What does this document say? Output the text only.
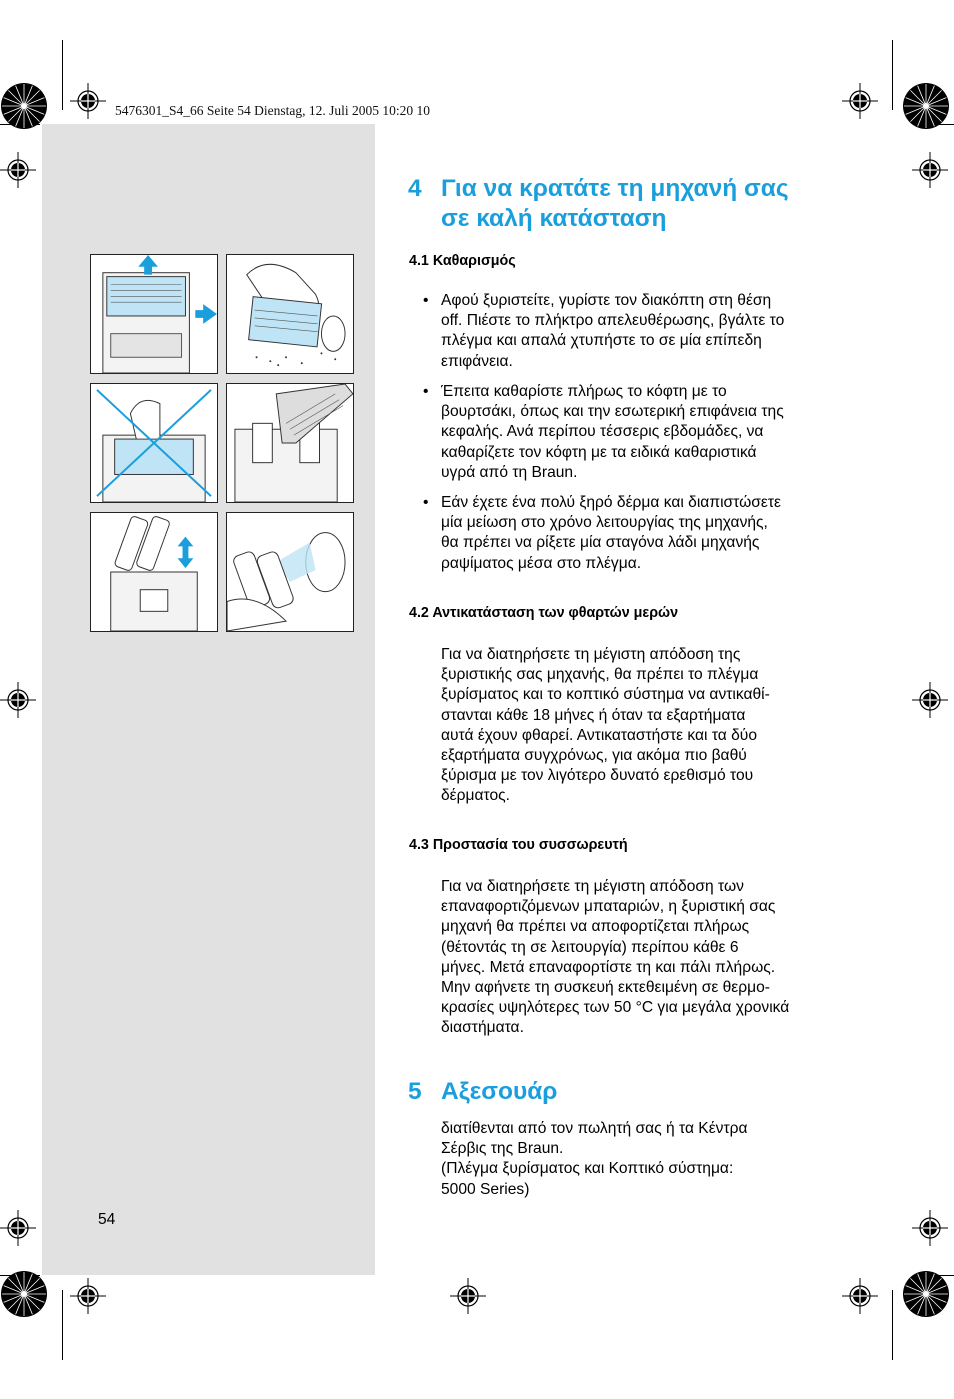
5476301_S4_66 Seite 54 Dienstag, 12. Juli 2005 10:20 10
4 Για να κρατάτε τη μηχανή σας
σε καλή κατάσταση
4.1 Καθαρισμός
• Αφού ξυριστείτε, γυρίστε τον διακόπτη στη θέση
off. Πιέστε το πλήκτρο απελευθέρωσης, βγάλτε το
πλέγμα και απαλά χτυπήστε το σε μία επίπεδη
επιφάνεια.
• Έπειτα καθαρίστε πλήρως το κόφτη με το
βουρτσάκι, όπως και την εσωτερική επιφάνεια της
κεφαλής. Ανά περίπου τέσσερις εβδομάδες, να
καθαρίζετε τον κόφτη με τα ειδικά καθαριστικά
υγρά από τη Braun.
• Εάν έχετε ένα πολύ ξηρό δέρμα και διαπιστώσετε
μία μείωση στο χρόνο λειτουργίας της μηχανής,
θα πρέπει να ρίξετε μία σταγόνα λάδι μηχανής
ραψίματος μέσα στο πλέγμα.
4.2 Αντικατάσταση των φθαρτών μερών
Για να διατηρήσετε τη μέγιστη απόδοση της
ξυριστικής σας μηχανής, θα πρέπει το πλέγμα
ξυρίσματος και το κοπτικό σύστημα να αντικαθί-
στανται κάθε 18 μήνες ή όταν τα εξαρτήματα
αυτά έχουν φθαρεί. Αντικαταστήστε και τα δύο
εξαρτήματα συγχρόνως, για ακόμα πιο βαθύ
ξύρισμα με τον λιγότερο δυνατό ερεθισμό του
δέρματος.
4.3 Προστασία του συσσωρευτή
Για να διατηρήσετε τη μέγιστη απόδοση των
επαναφορτιζόμενων μπαταριών, η ξυριστική σας
μηχανή θα πρέπει να αποφορτίζεται πλήρως
(θέτοντάς τη σε λειτουργία) περίπου κάθε 6
μήνες. Μετά επαναφορτίστε τη και πάλι πλήρως.
Μην αφήνετε τη συσκευή εκτεθειμένη σε θερμο-
κρασίες υψηλότερες των 50 °C για μεγάλα χρονικά
διαστήματα.
5 Αξεσουάρ
διατίθενται από τον πωλητή σας ή τα Κέντρα
Σέρβις της Braun.
(Πλέγμα ξυρίσματος και Κοπτικό σύστημα:
5000 Series)
54
